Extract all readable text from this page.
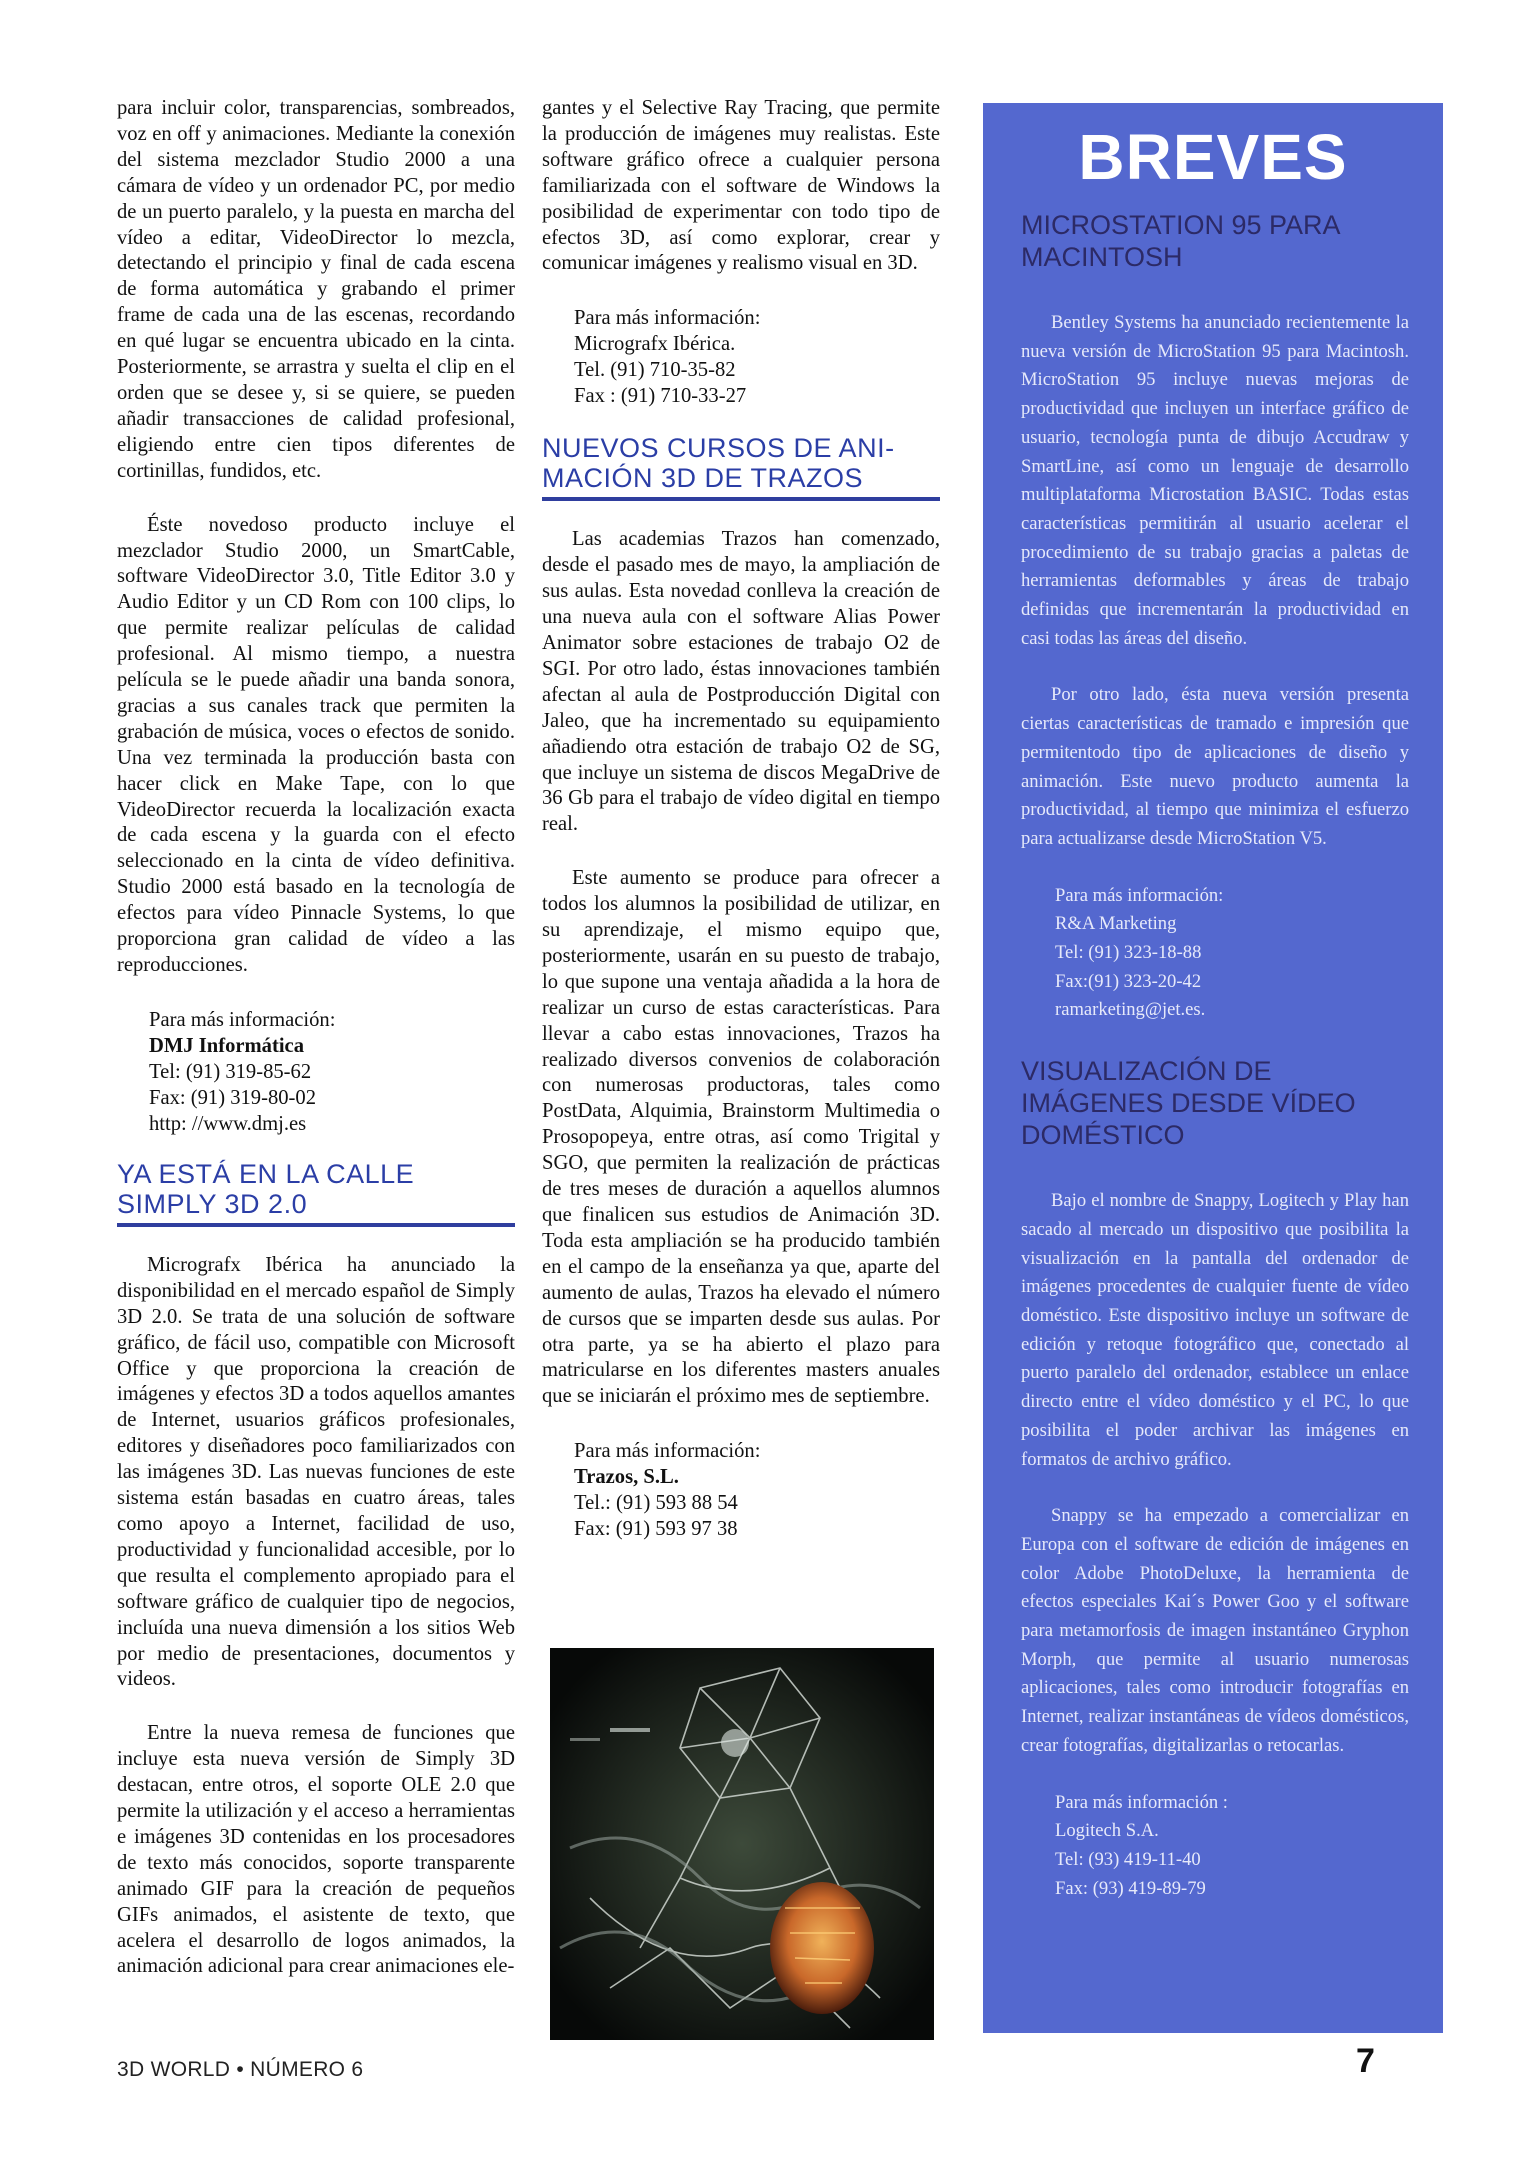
para incluir color, transparencias, sombreados, voz en off y animaciones. Mediante la conexión del sistema mezclador Studio 2000 a una cámara de vídeo y un ordenador PC, por medio de un puerto paralelo, y la puesta en marcha del vídeo a editar, VideoDirector lo mezcla, detectando el principio y final de cada escena de forma automática y grabando el primer frame de cada una de las escenas, recordando en qué lugar se encuentra ubicado en la cinta. Posteriormente, se arrastra y suelta el clip en el orden que se desee y, si se quiere, se pueden añadir transacciones de calidad profesional, eligiendo entre cien tipos diferentes de cortinillas, fundidos, etc.

Éste novedoso producto incluye el mezclador Studio 2000, un SmartCable, software VideoDirector 3.0, Title Editor 3.0 y Audio Editor y un CD Rom con 100 clips, lo que permite realizar películas de calidad profesional. Al mismo tiempo, a nuestra película se le puede añadir una banda sonora, gracias a sus canales track que permiten la grabación de música, voces o efectos de sonido. Una vez terminada la producción basta con hacer click en Make Tape, con lo que VideoDirector recuerda la localización exacta de cada escena y la guarda con el efecto seleccionado en la cinta de vídeo definitiva. Studio 2000 está basado en la tecnología de efectos para vídeo Pinnacle Systems, lo que proporciona gran calidad de vídeo a las reproducciones.

Para más información:
DMJ Informática
Tel: (91) 319-85-62
Fax: (91) 319-80-02
http: //www.dmj.es
YA ESTÁ EN LA CALLE
SIMPLY 3D 2.0

Micrografx Ibérica ha anunciado la disponibilidad en el mercado español de Simply 3D 2.0. Se trata de una solución de software gráfico, de fácil uso, compatible con Microsoft Office y que proporciona la creación de imágenes y efectos 3D a todos aquellos amantes de Internet, usuarios gráficos profesionales, editores y diseñadores poco familiarizados con las imágenes 3D. Las nuevas funciones de este sistema están basadas en cuatro áreas, tales como apoyo a Internet, facilidad de uso, productividad y funcionalidad accesible, por lo que resulta el complemento apropiado para el software gráfico de cualquier tipo de negocios, incluída una nueva dimensión a los sitios Web por medio de presentaciones, documentos y videos.

Entre la nueva remesa de funciones que incluye esta nueva versión de Simply 3D destacan, entre otros, el soporte OLE 2.0 que permite la utilización y el acceso a herramientas e imágenes 3D contenidas en los procesadores de texto más conocidos, soporte transparente animado GIF para la creación de pequeños GIFs animados, el asistente de texto, que acelera el desarrollo de logos animados, la animación adicional para crear animaciones ele-

gantes y el Selective Ray Tracing, que permite la producción de imágenes muy realistas. Este software gráfico ofrece a cualquier persona familiarizada con el software de Windows la posibilidad de experimentar con todo tipo de efectos 3D, así como explorar, crear y comunicar imágenes y realismo visual en 3D.

Para más información:
Micrografx Ibérica.
Tel. (91) 710-35-82
Fax : (91) 710-33-27
NUEVOS CURSOS DE ANI-
MACIÓN 3D DE TRAZOS

Las academias Trazos han comenzado, desde el pasado mes de mayo, la ampliación de sus aulas. Esta novedad conlleva la creación de una nueva aula con el software Alias Power Animator sobre estaciones de trabajo O2 de SGI. Por otro lado, éstas innovaciones también afectan al aula de Postproducción Digital con Jaleo, que ha incrementado su equipamiento añadiendo otra estación de trabajo O2 de SG, que incluye un sistema de discos MegaDrive de 36 Gb para el trabajo de vídeo digital en tiempo real.

Este aumento se produce para ofrecer a todos los alumnos la posibilidad de utilizar, en su aprendizaje, el mismo equipo que, posteriormente, usarán en su puesto de trabajo, lo que supone una ventaja añadida a la hora de realizar un curso de estas características. Para llevar a cabo estas innovaciones, Trazos ha realizado diversos convenios de colaboración con numerosas productoras, tales como PostData, Alquimia, Brainstorm Multimedia o Prosopopeya, entre otras, así como Trigital y SGO, que permiten la realización de prácticas de tres meses de duración a aquellos alumnos que finalicen sus estudios de Animación 3D. Toda esta ampliación se ha producido también en el campo de la enseñanza ya que, aparte del aumento de aulas, Trazos ha elevado el número de cursos que se imparten desde sus aulas. Por otra parte, ya se ha abierto el plazo para matricularse en los diferentes masters anuales que se iniciarán el próximo mes de septiembre.

Para más información:
Trazos, S.L.
Tel.: (91) 593 88 54
Fax: (91) 593 97 38
BREVES
MICROSTATION 95 PARA
MACINTOSH
Bentley Systems ha anunciado recientemente la nueva versión de MicroStation 95 para Macintosh. MicroStation 95 incluye nuevas mejoras de productividad que incluyen un interface gráfico de usuario, tecnología punta de dibujo Accudraw y SmartLine, así como un lenguaje de desarrollo multiplataforma Microstation BASIC. Todas estas características permitirán al usuario acelerar el procedimiento de su trabajo gracias a paletas de herramientas deformables y áreas de trabajo definidas que incrementarán la productividad en casi todas las áreas del diseño.
Por otro lado, ésta nueva versión presenta ciertas características de tramado e impresión que permitentodo tipo de aplicaciones de diseño y animación. Este nuevo producto aumenta la productividad, al tiempo que minimiza el esfuerzo para actualizarse desde MicroStation V5.
Para más información:
R&A Marketing
Tel: (91) 323-18-88
Fax:(91) 323-20-42
ramarketing@jet.es.
VISUALIZACIÓN DE
IMÁGENES DESDE VÍDEO
DOMÉSTICO
Bajo el nombre de Snappy, Logitech y Play han sacado al mercado un dispositivo que posibilita la visualización en la pantalla del ordenador de imágenes procedentes de cualquier fuente de vídeo doméstico. Este dispositivo incluye un software de edición y retoque fotográfico que, conectado al puerto paralelo del ordenador, establece un enlace directo entre el vídeo doméstico y el PC, lo que posibilita el poder archivar las imágenes en formatos de archivo gráfico.
Snappy se ha empezado a comercializar en Europa con el software de edición de imágenes en color Adobe PhotoDeluxe, la herramienta de efectos especiales Kai´s Power Goo y el software para metamorfosis de imagen instantáneo Gryphon Morph, que permite al usuario numerosas aplicaciones, tales como introducir fotografías en Internet, realizar instantáneas de vídeos domésticos, crear fotografías, digitalizarlas o retocarlas.
Para más información :
Logitech S.A.
Tel: (93) 419-11-40
Fax: (93) 419-89-79
3D WORLD • NÚMERO 6	7
